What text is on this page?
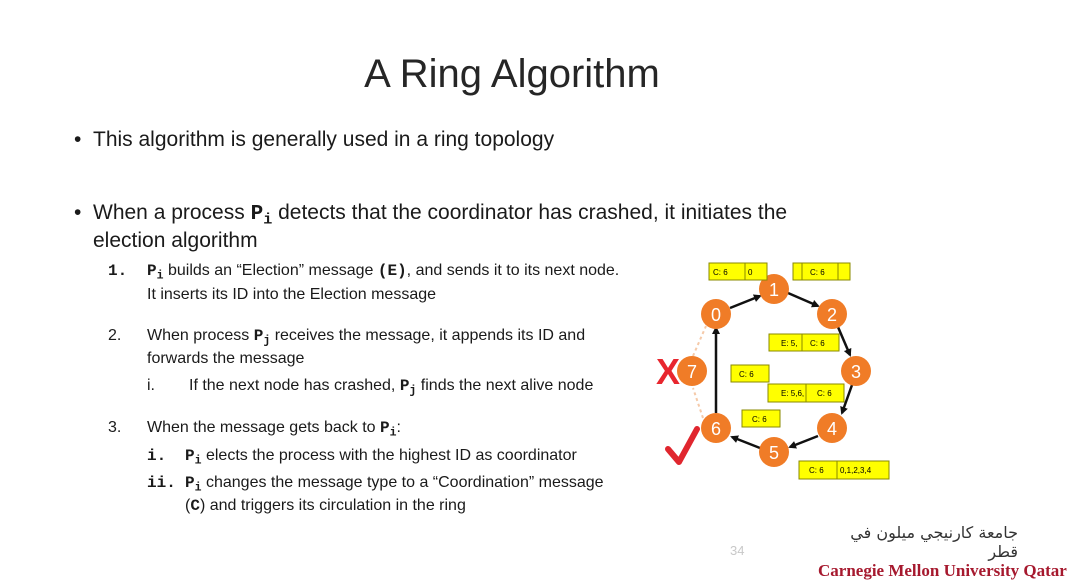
A Ring Algorithm
• This algorithm is generally used in a ring topology
• When a process $P_i$ detects that the coordinator has crashed, it initiates the
election algorithm
1. $P_i$ builds an “Election” message (E), and sends it to its next node.
It inserts its ID into the Election message
2. When process $P_j$ receives the message, it appends its ID and
forwards the message
i. If the next node has crashed, $P_j$ finds the next alive node
3. When the message gets back to $P_i$:
i. $P_i$ elects the process with the highest ID as coordinator
ii. $P_i$ changes the message type to a “Coordination” message
(C) and triggers its circulation in the ring
0
1
2
3
4
5
6
7
X
C: 6	0	C: 6
E: 5, C: 6
C: 6
E: 5,6, C: 6
C: 6
C: 6 0,1,2,3,4
34
جامعة كارنيجي ميلون في قطر
Carnegie Mellon University Qatar
